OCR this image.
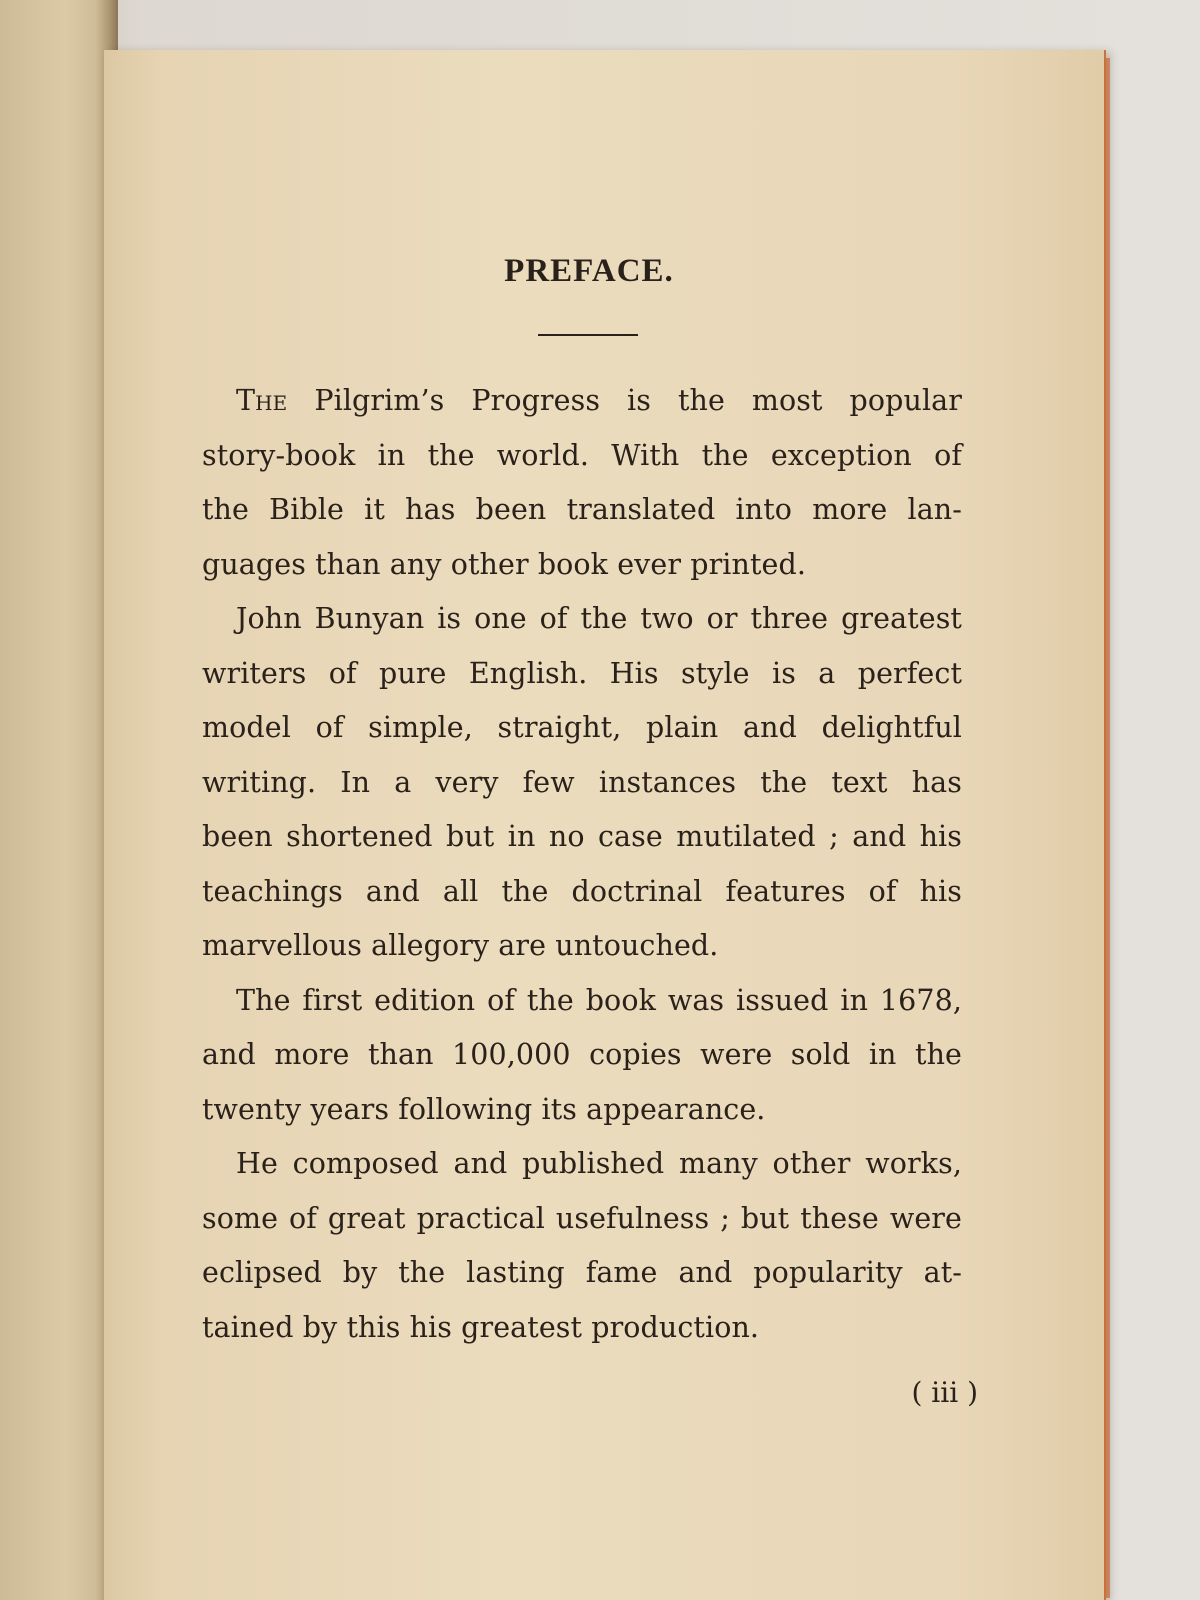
PREFACE.

The Pilgrim’s Progress is the most popular
story-book in the world. With the exception of
the Bible it has been translated into more lan-
guages than any other book ever printed.

John Bunyan is one of the two or three greatest
writers of pure English. His style is a perfect
model of simple, straight, plain and delightful
writing. In a very few instances the text has
been shortened but in no case mutilated ; and his
teachings and all the doctrinal features of his
marvellous allegory are untouched.

The first edition of the book was issued in 1678,
and more than 100,000 copies were sold in the
twenty years following its appearance.

He composed and published many other works,
some of great practical usefulness ; but these were
eclipsed by the lasting fame and popularity at-
tained by this his greatest production.

( iii )
